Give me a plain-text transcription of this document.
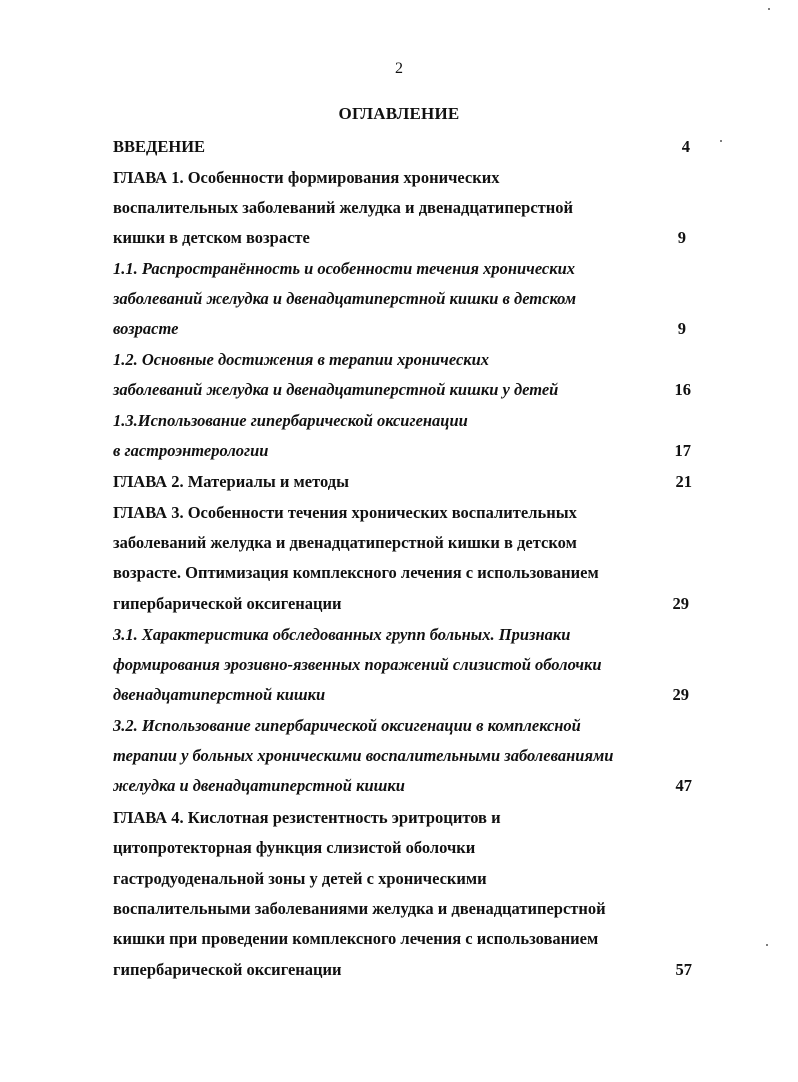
2
ОГЛАВЛЕНИЕ
ВВЕДЕНИЕ	4
ГЛАВА 1. Особенности формирования хронических
воспалительных заболеваний желудка и двенадцатиперстной
кишки в детском возрасте	9
1.1. Распространённость и особенности течения хронических
заболеваний желудка и двенадцатиперстной кишки в детском
возрасте	9
1.2. Основные достижения в терапии хронических
заболеваний желудка и двенадцатиперстной кишки у детей	16
1.3.Использование гипербарической оксигенации
в гастроэнтерологии	17
ГЛАВА 2. Материалы и методы	21
ГЛАВА 3. Особенности течения хронических воспалительных
заболеваний желудка и двенадцатиперстной кишки в детском
возрасте. Оптимизация комплексного лечения с использованием
гипербарической оксигенации	29
3.1. Характеристика обследованных групп больных. Признаки
формирования эрозивно-язвенных поражений слизистой оболочки
двенадцатиперстной кишки	29
3.2. Использование гипербарической оксигенации в комплексной
терапии у больных хроническими воспалительными заболеваниями
желудка и двенадцатиперстной кишки	47
ГЛАВА 4. Кислотная резистентность эритроцитов и
цитопротекторная функция слизистой оболочки
гастродуоденальной зоны у детей с хроническими
воспалительными заболеваниями желудка и двенадцатиперстной
кишки при проведении комплексного лечения с использованием
гипербарической оксигенации	57
